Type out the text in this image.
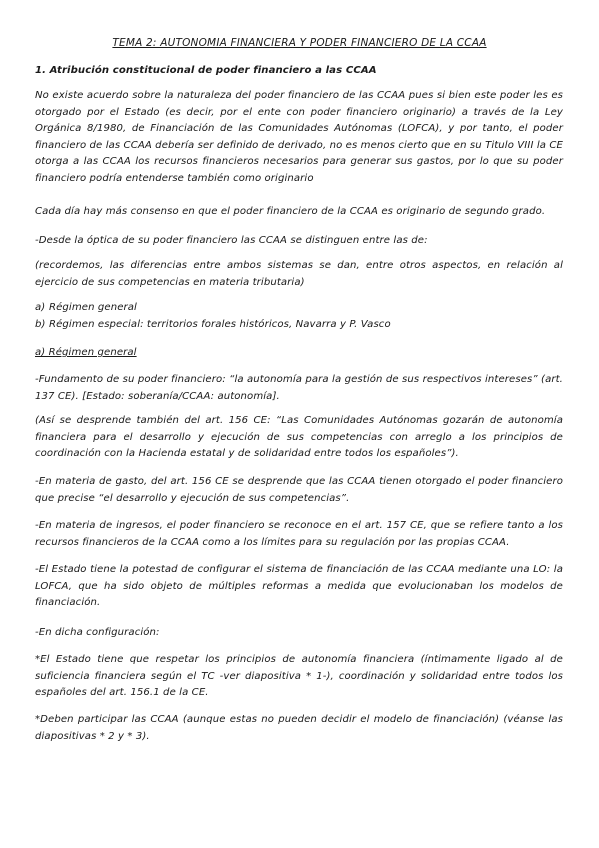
TEMA 2: AUTONOMIA FINANCIERA Y PODER FINANCIERO DE LA CCAA

1. Atribución constitucional de poder financiero a las CCAA

No existe acuerdo sobre la naturaleza del poder financiero de las CCAA pues si bien este poder les es otorgado por el Estado (es decir, por el ente con poder financiero originario) a través de la Ley Orgánica 8/1980, de Financiación de las Comunidades Autónomas (LOFCA), y por tanto, el poder financiero de las CCAA debería ser definido de derivado, no es menos cierto que en su Titulo VIII la CE otorga a las CCAA los recursos financieros necesarios para generar sus gastos, por lo que su poder financiero podría entenderse también como originario

Cada día hay más consenso en que el poder financiero de la CCAA es originario de segundo grado.

-Desde la óptica de su poder financiero las CCAA se distinguen entre las de:

(recordemos, las diferencias entre ambos sistemas se dan, entre otros aspectos, en relación al ejercicio de sus competencias en materia tributaria)

a) Régimen general
b) Régimen especial: territorios forales históricos, Navarra y P. Vasco

a) Régimen general

-Fundamento de su poder financiero: “la autonomía para la gestión de sus respectivos intereses” (art. 137 CE). [Estado: soberanía/CCAA: autonomía].

(Así se desprende también del art. 156 CE: “Las Comunidades Autónomas gozarán de autonomía financiera para el desarrollo y ejecución de sus competencias con arreglo a los principios de coordinación con la Hacienda estatal y de solidaridad entre todos los españoles”).

-En materia de gasto, del art. 156 CE se desprende que las CCAA tienen otorgado el poder financiero que precise “el desarrollo y ejecución de sus competencias”.

-En materia de ingresos, el poder financiero se reconoce en el art. 157 CE, que se refiere tanto a los recursos financieros de la CCAA como a los límites para su regulación por las propias CCAA.

-El Estado tiene la potestad de configurar el sistema de financiación de las CCAA mediante una LO: la LOFCA, que ha sido objeto de múltiples reformas a medida que evolucionaban los modelos de financiación.

-En dicha configuración:

*El Estado tiene que respetar los principios de autonomía financiera (íntimamente ligado al de suficiencia financiera según el TC -ver diapositiva * 1-), coordinación y solidaridad entre todos los españoles del art. 156.1 de la CE.

*Deben participar las CCAA (aunque estas no pueden decidir el modelo de financiación) (véanse las diapositivas * 2 y * 3).
